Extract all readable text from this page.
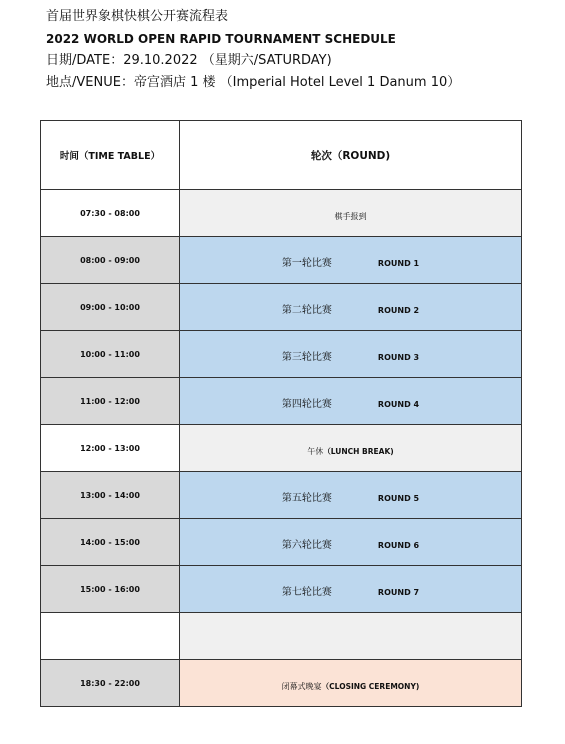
首届世界象棋快棋公开赛流程表
2022 WORLD OPEN RAPID TOURNAMENT SCHEDULE
日期/DATE：29.10.2022 （星期六/SATURDAY)
地点/VENUE：帝宫酒店 1 楼 （Imperial Hotel Level 1 Danum 10）
时间（TIME TABLE）	轮次（ROUND)
07:30 - 08:00	棋手报到
08:00 - 09:00	第一轮比赛 ROUND 1
09:00 - 10:00	第二轮比赛 ROUND 2
10:00 - 11:00	第三轮比赛 ROUND 3
11:00 - 12:00	第四轮比赛 ROUND 4
12:00 - 13:00	午休（LUNCH BREAK)
13:00 - 14:00	第五轮比赛 ROUND 5
14:00 - 15:00	第六轮比赛 ROUND 6
15:00 - 16:00	第七轮比赛 ROUND 7

18:30 - 22:00	闭幕式晚宴（CLOSING CEREMONY)
